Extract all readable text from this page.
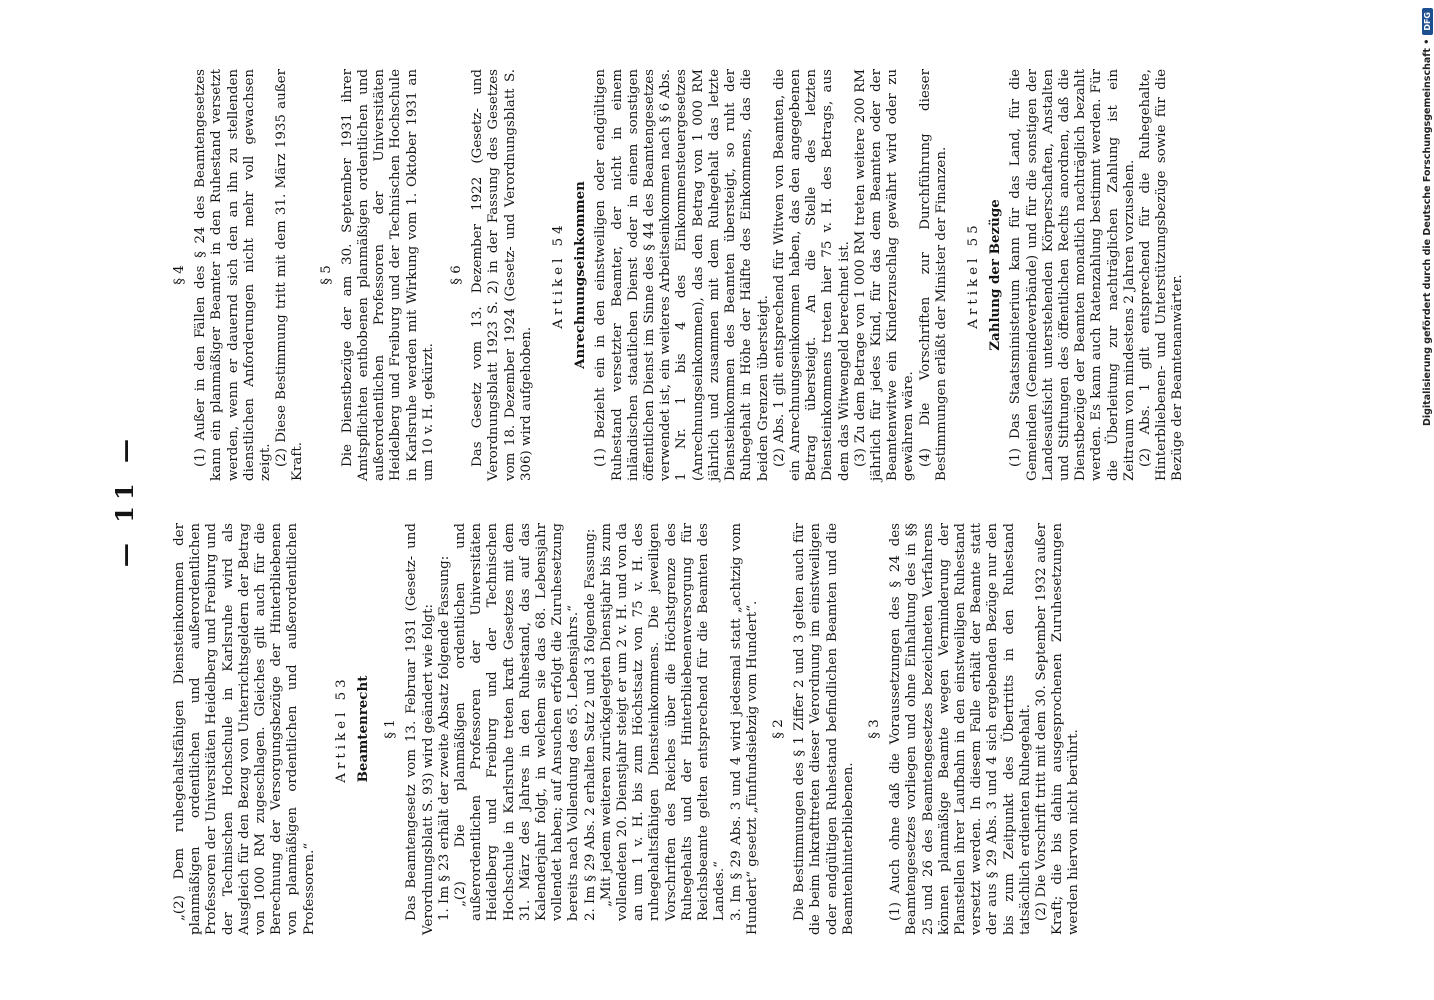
— 11 —

„(2) Dem ruhegehaltsfähigen Diensteinkommen der planmäßigen ordentlichen und außerordentlichen Professoren der Universitäten Heidelberg und Freiburg und der Technischen Hochschule in Karlsruhe wird als Ausgleich für den Bezug von Unterrichtsgeldern der Betrag von 1000 RM zugeschlagen. Gleiches gilt auch für die Berechnung der Versorgungsbezüge der Hinterbliebenen von planmäßigen ordentlichen und außerordentlichen Professoren.“

Artikel 53 Beamtenrecht § 1 Das Beamtengesetz vom 13. Februar 1931 (Gesetz- und Verordnungsblatt S. 93) wird geändert wie folgt: 1. Im § 23 erhält der zweite Absatz folgende Fassung: „(2) Die planmäßigen ordentlichen und außerordentlichen Professoren der Universitäten Heidelberg und Freiburg und der Technischen Hochschule in Karlsruhe treten kraft Gesetzes mit dem 31. März des Jahres in den Ruhestand, das auf das Kalenderjahr folgt, in welchem sie das 68. Lebensjahr vollendet haben; auf Ansuchen erfolgt die Zuruhesetzung bereits nach Vollendung des 65. Lebensjahrs.“ 2. Im § 29 Abs. 2 erhalten Satz 2 und 3 folgende Fassung: „Mit jedem weiteren zurückgelegten Dienstjahr bis zum vollendeten 20. Dienstjahr steigt er um 2 v. H. und von da an um 1 v. H. bis zum Höchstsatz von 75 v. H. des ruhegehaltsfähigen Diensteinkommens. Die jeweiligen Vorschriften des Reiches über die Höchstgrenze des Ruhegehalts und der Hinterbliebenenversorgung für Reichsbeamte gelten entsprechend für die Beamten des Landes.“ 3. Im § 29 Abs. 3 und 4 wird jedesmal statt „achtzig vom Hundert“ gesetzt „fünfundsiebzig vom Hundert“. § 2 Die Bestimmungen des § 1 Ziffer 2 und 3 gelten auch für die beim Inkrafttreten dieser Verordnung im einstweiligen oder endgültigen Ruhestand befindlichen Beamten und die Beamtenhinterbliebenen.

§ 3 (1) Auch ohne daß die Voraussetzungen des § 24 des Beamtengesetzes vorliegen und ohne Einhaltung des in §§ 25 und 26 des Beamtengesetzes bezeichneten Verfahrens können planmäßige Beamte wegen Verminderung der Planstellen ihrer Laufbahn in den einstweiligen Ruhestand versetzt werden. In diesem Falle erhält der Beamte statt der aus § 29 Abs. 3 und 4 sich ergebenden Bezüge nur den bis zum Zeitpunkt des Übertritts in den Ruhestand tatsächlich erdienten Ruhegehalt. (2) Die Vorschrift tritt mit dem 30. September 1932 außer Kraft; die bis dahin ausgesprochenen Zuruhesetzungen werden hiervon nicht berührt.

§ 4 (1) Außer in den Fällen des § 24 des Beamtengesetzes kann ein planmäßiger Beamter in den Ruhestand versetzt werden, wenn er dauernd sich den an ihn zu stellenden dienstlichen Anforderungen nicht mehr voll gewachsen zeigt. (2) Diese Bestimmung tritt mit dem 31. März 1935 außer Kraft.

§ 5 Die Dienstbezüge der am 30. September 1931 ihrer Amtspflichten enthobenen planmäßigen ordentlichen und außerordentlichen Professoren der Universitäten Heidelberg und Freiburg und der Technischen Hochschule in Karlsruhe werden mit Wirkung vom 1. Oktober 1931 an um 10 v. H. gekürzt.

§ 6 Das Gesetz vom 13. Dezember 1922 (Gesetz- und Verordnungsblatt 1923 S. 2) in der Fassung des Gesetzes vom 18. Dezember 1924 (Gesetz- und Verordnungsblatt S. 306) wird aufgehoben.

Artikel 54 Anrechnungseinkommen (1) Bezieht ein in den einstweiligen oder endgültigen Ruhestand versetzter Beamter, der nicht in einem inländischen staatlichen Dienst oder in einem sonstigen öffentlichen Dienst im Sinne des § 44 des Beamtengesetzes verwendet ist, ein weiteres Arbeitseinkommen nach § 6 Abs. 1 Nr. 1 bis 4 des Einkommensteuergesetzes (Anrechnungseinkommen), das den Betrag von 1 000 RM jährlich und zusammen mit dem Ruhegehalt das letzte Diensteinkommen des Beamten übersteigt, so ruht der Ruhegehalt in Höhe der Hälfte des Einkommens, das die beiden Grenzen übersteigt. (2) Abs. 1 gilt entsprechend für Witwen von Beamten, die ein Anrechnungseinkommen haben, das den angegebenen Betrag übersteigt. An die Stelle des letzten Diensteinkommens treten hier 75 v. H. des Betrags, aus dem das Witwengeld berechnet ist. (3) Zu dem Betrage von 1 000 RM treten weitere 200 RM jährlich für jedes Kind, für das dem Beamten oder der Beamtenwitwe ein Kinderzuschlag gewährt wird oder zu gewähren wäre. (4) Die Vorschriften zur Durchführung dieser Bestimmungen erläßt der Minister der Finanzen. Artikel 55 Zahlung der Bezüge (1) Das Staatsministerium kann für das Land, für die Gemeinden (Gemeindeverbände) und für die sonstigen der Landesaufsicht unterstehenden Körperschaften, Anstalten und Stiftungen des öffentlichen Rechts anordnen, daß die Dienstbezüge der Beamten monatlich nachträglich bezahlt werden. Es kann auch Ratenzahlung bestimmt werden. Für die Überleitung zur nachträglichen Zahlung ist ein Zeitraum von mindestens 2 Jahren vorzusehen. (2) Abs. 1 gilt entsprechend für die Ruhegehalte, Hinterbliebenen- und Unterstützungsbezüge sowie für die Bezüge der Beamtenanwärter.	Digitalisierung gefördert durch die Deutsche Forschungsgemeinschaft •
DFG
